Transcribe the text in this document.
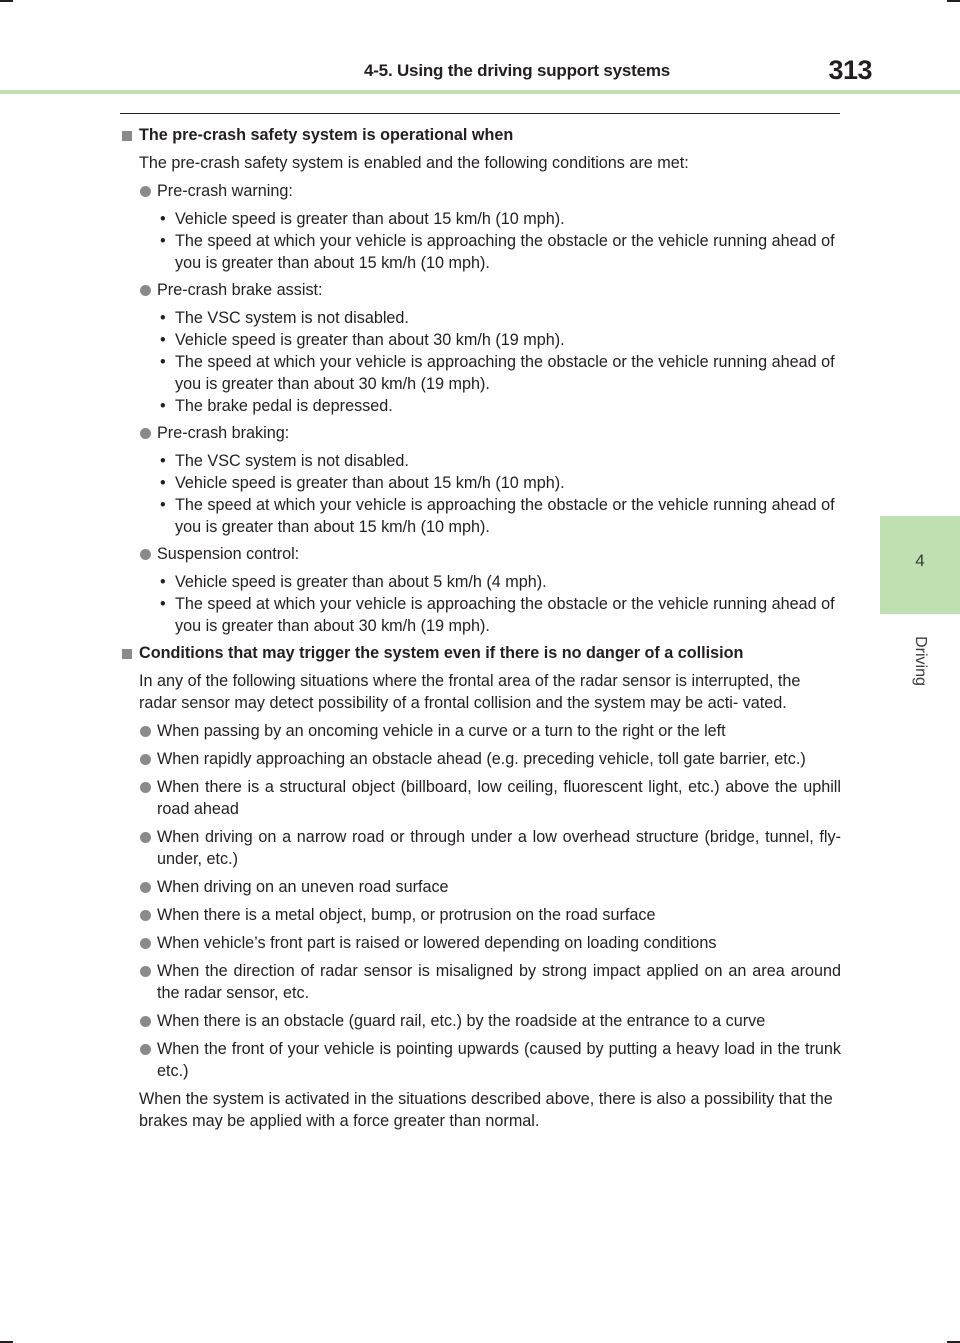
4-5. Using the driving support systems	313
4
Driving
The pre-crash safety system is operational when
The pre-crash safety system is enabled and the following conditions are met:
Pre-crash warning:
• Vehicle speed is greater than about 15 km/h (10 mph).
• The speed at which your vehicle is approaching the obstacle or the vehicle running ahead of you is greater than about 15 km/h (10 mph).
Pre-crash brake assist:
• The VSC system is not disabled.
• Vehicle speed is greater than about 30 km/h (19 mph).
• The speed at which your vehicle is approaching the obstacle or the vehicle running ahead of you is greater than about 30 km/h (19 mph).
• The brake pedal is depressed.
Pre-crash braking:
• The VSC system is not disabled.
• Vehicle speed is greater than about 15 km/h (10 mph).
• The speed at which your vehicle is approaching the obstacle or the vehicle running ahead of you is greater than about 15 km/h (10 mph).
Suspension control:
• Vehicle speed is greater than about 5 km/h (4 mph).
• The speed at which your vehicle is approaching the obstacle or the vehicle running ahead of you is greater than about 30 km/h (19 mph).
Conditions that may trigger the system even if there is no danger of a collision
In any of the following situations where the frontal area of the radar sensor is interrupted, the radar sensor may detect possibility of a frontal collision and the system may be acti- vated.
When passing by an oncoming vehicle in a curve or a turn to the right or the left
When rapidly approaching an obstacle ahead (e.g. preceding vehicle, toll gate barrier, etc.)
When there is a structural object (billboard, low ceiling, fluorescent light, etc.) above the uphill road ahead
When driving on a narrow road or through under a low overhead structure (bridge, tunnel, fly-under, etc.)
When driving on an uneven road surface
When there is a metal object, bump, or protrusion on the road surface
When vehicle’s front part is raised or lowered depending on loading conditions
When the direction of radar sensor is misaligned by strong impact applied on an area around the radar sensor, etc.
When there is an obstacle (guard rail, etc.) by the roadside at the entrance to a curve
When the front of your vehicle is pointing upwards (caused by putting a heavy load in the trunk etc.)
When the system is activated in the situations described above, there is also a possibility that the brakes may be applied with a force greater than normal.
